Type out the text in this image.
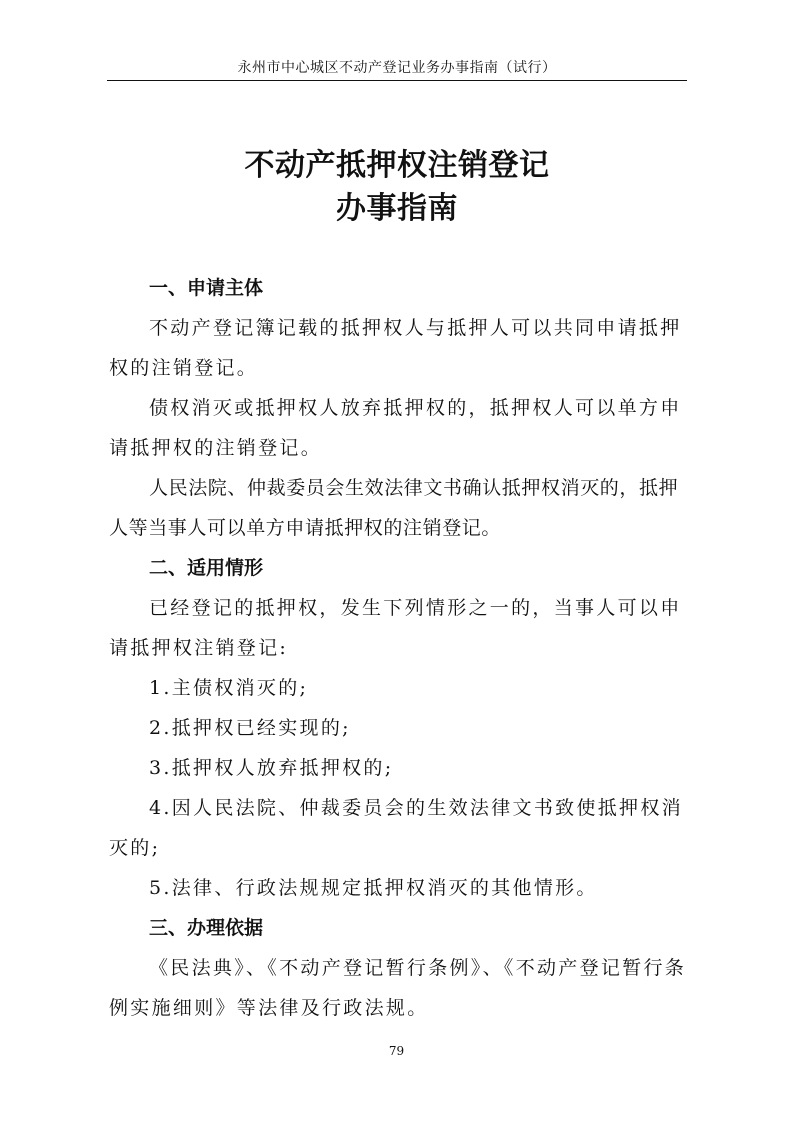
永州市中心城区不动产登记业务办事指南（试行）
不动产抵押权注销登记
办事指南
一、申请主体

不动产登记簿记载的抵押权人与抵押人可以共同申请抵押权的注销登记。

债权消灭或抵押权人放弃抵押权的，抵押权人可以单方申请抵押权的注销登记。

人民法院、仲裁委员会生效法律文书确认抵押权消灭的，抵押人等当事人可以单方申请抵押权的注销登记。

二、适用情形

已经登记的抵押权，发生下列情形之一的，当事人可以申请抵押权注销登记:

1.主债权消灭的;

2.抵押权已经实现的;

3.抵押权人放弃抵押权的;

4.因人民法院、仲裁委员会的生效法律文书致使抵押权消灭的;

5.法律、行政法规规定抵押权消灭的其他情形。

三、办理依据

《民法典》、《不动产登记暂行条例》、《不动产登记暂行条例实施细则》等法律及行政法规。

79
